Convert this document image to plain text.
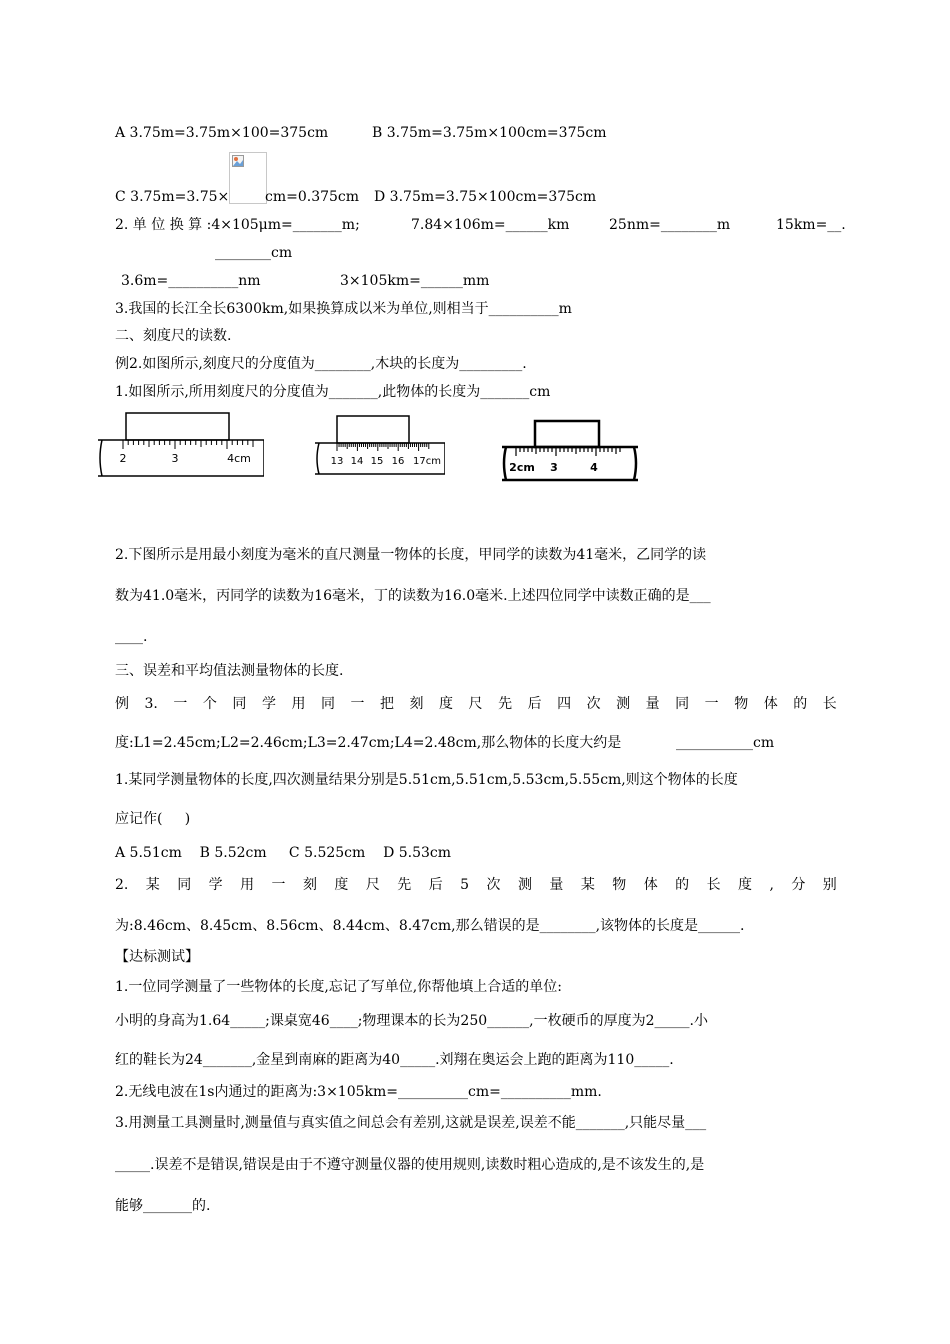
A 3.75m=3.75m×100=375cm	B 3.75m=3.75m×100cm=375cm
C 3.75m=3.75×	cm=0.375cm D 3.75m=3.75×100cm=375cm
2. 单 位 换 算 :4×105μm=_______m;	7.84×106m=______km	25nm=________m	15km=__.
________cm
3.6m=__________nm	3×105km=______mm
3.我国的长江全长6300km,如果换算成以米为单位,则相当于__________m
二、刻度尺的读数.
例2.如图所示,刻度尺的分度值为________,木块的长度为_________.
1.如图所示,所用刻度尺的分度值为_______,此物体的长度为_______cm
2	3	4cm	13 14 15 16 17cm	2cm 3	4
2.下图所示是用最小刻度为毫米的直尺测量一物体的长度，甲同学的读数为41毫米，乙同学的读
数为41.0毫米，丙同学的读数为16毫米，丁的读数为16.0毫米.上述四位同学中读数正确的是___
____.
三、误差和平均值法测量物体的长度.
例 3. 一 个 同 学 用 同 一 把 刻 度 尺 先 后 四 次 测 量 同 一 物 体 的 长
度:L1=2.45cm;L2=2.46cm;L3=2.47cm;L4=2.48cm,那么物体的长度大约是	___________cm
1.某同学测量物体的长度,四次测量结果分别是5.51cm,5.51cm,5.53cm,5.55cm,则这个物体的长度
应记作(     )
A 5.51cm    B 5.52cm     C 5.525cm    D 5.53cm
2. 某 同 学 用 一 刻 度 尺 先 后 5 次 测 量 某 物 体 的 长 度 , 分 别
为:8.46cm、8.45cm、8.56cm、8.44cm、8.47cm,那么错误的是________,该物体的长度是______.
【达标测试】
1.一位同学测量了一些物体的长度,忘记了写单位,你帮他填上合适的单位:
小明的身高为1.64_____;课桌宽46____;物理课本的长为250______,一枚硬币的厚度为2_____.小
红的鞋长为24_______,金星到南麻的距离为40_____.刘翔在奥运会上跑的距离为110_____.
2.无线电波在1s内通过的距离为:3×105km=__________cm=__________mm.
3.用测量工具测量时,测量值与真实值之间总会有差别,这就是误差,误差不能_______,只能尽量___
_____.误差不是错误,错误是由于不遵守测量仪器的使用规则,读数时粗心造成的,是不该发生的,是
能够_______的.
